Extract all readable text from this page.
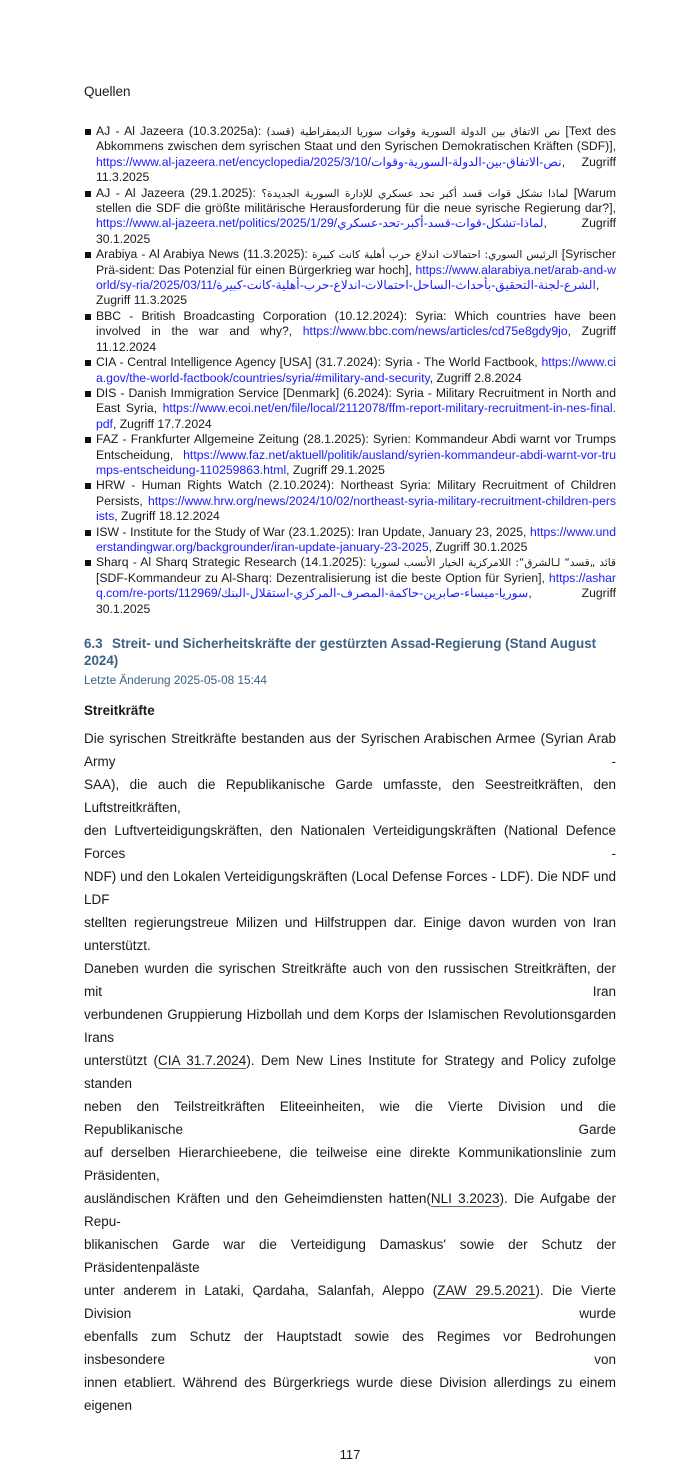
Quellen
AJ - Al Jazeera (10.3.2025a): نص الاتفاق بين الدولة السورية وقوات سوريا الديمقراطية (قسد) [Text des Abkommens zwischen dem syrischen Staat und den Syrischen Demokratischen Kräften (SDF)], https://www.al-jazeera.net/encyclopedia/2025/3/10/نص-الاتفاق-بين-الدولة-السورية-وقوات, Zugriff 11.3.2025
AJ - Al Jazeera (29.1.2025): لماذا تشكل قوات قسد أكبر تحد عسكري للإدارة السورية الجديدة؟ [Warum stellen die SDF die größte militärische Herausforderung für die neue syrische Regierung dar?], https://www.al-jazeera.net/politics/2025/1/29/لماذا-تشكل-قوات-قسد-أكبر-تحد-عسكري, Zugriff 30.1.2025
Arabiya - Al Arabiya News (11.3.2025): الرئيس السوري: احتمالات اندلاع حرب أهلية كانت كبيرة [Syrischer Prä-sident: Das Potenzial für einen Bürgerkrieg war hoch], https://www.alarabiya.net/arab-and-world/sy-ria/2025/03/11/الشرع-لجنة-التحقيق-بأحداث-الساحل-احتمالات-اندلاع-حرب-أهلية-كانت-كبيرة, Zugriff 11.3.2025
BBC - British Broadcasting Corporation (10.12.2024): Syria: Which countries have been involved in the war and why?, https://www.bbc.com/news/articles/cd75e8gdy9jo, Zugriff 11.12.2024
CIA - Central Intelligence Agency [USA] (31.7.2024): Syria - The World Factbook, https://www.cia.gov/the-world-factbook/countries/syria/#military-and-security, Zugriff 2.8.2024
DIS - Danish Immigration Service [Denmark] (6.2024): Syria - Military Recruitment in North and East Syria, https://www.ecoi.net/en/file/local/2112078/ffm-report-military-recruitment-in-nes-final.pdf, Zugriff 17.7.2024
FAZ - Frankfurter Allgemeine Zeitung (28.1.2025): Syrien: Kommandeur Abdi warnt vor Trumps Entscheidung, https://www.faz.net/aktuell/politik/ausland/syrien-kommandeur-abdi-warnt-vor-trumps-entscheidung-110259863.html, Zugriff 29.1.2025
HRW - Human Rights Watch (2.10.2024): Northeast Syria: Military Recruitment of Children Persists, https://www.hrw.org/news/2024/10/02/northeast-syria-military-recruitment-children-persists, Zugriff 18.12.2024
ISW - Institute for the Study of War (23.1.2025): Iran Update, January 23, 2025, https://www.understandingwar.org/backgrounder/iran-update-january-23-2025, Zugriff 30.1.2025
Sharq - Al Sharq Strategic Research (14.1.2025): قائد „قسد“ لـالشرق“: اللامركزية الخيار الأنسب لسوريا [SDF-Kommandeur zu Al-Sharq: Dezentralisierung ist die beste Option für Syrien], https://asharq.com/re-ports/112969/سوريا-ميساء-صابرين-حاكمة-المصرف-المركزي-استقلال-البنك, Zugriff 30.1.2025
6.3 Streit- und Sicherheitskräfte der gestürzten Assad-Regierung (Stand August 2024)
Letzte Änderung 2025-05-08 15:44
Streitkräfte
Die syrischen Streitkräfte bestanden aus der Syrischen Arabischen Armee (Syrian Arab Army -
SAA), die auch die Republikanische Garde umfasste, den Seestreitkräften, den Luftstreitkräften,
den Luftverteidigungskräften, den Nationalen Verteidigungskräften (National Defence Forces -
NDF) und den Lokalen Verteidigungskräften (Local Defense Forces - LDF). Die NDF und LDF
stellten regierungstreue Milizen und Hilfstruppen dar. Einige davon wurden von Iran unterstützt.
Daneben wurden die syrischen Streitkräfte auch von den russischen Streitkräften, der mit Iran
verbundenen Gruppierung Hizbollah und dem Korps der Islamischen Revolutionsgarden Irans
unterstützt (CIA 31.7.2024). Dem New Lines Institute for Strategy and Policy zufolge standen
neben den Teilstreitkräften Eliteeinheiten, wie die Vierte Division und die Republikanische Garde
auf derselben Hierarchieebene, die teilweise eine direkte Kommunikationslinie zum Präsidenten,
ausländischen Kräften und den Geheimdiensten hatten(NLI 3.2023). Die Aufgabe der Repu-
blikanischen Garde war die Verteidigung Damaskus' sowie der Schutz der Präsidentenpaläste
unter anderem in Lataki, Qardaha, Salanfah, Aleppo (ZAW 29.5.2021). Die Vierte Division wurde
ebenfalls zum Schutz der Hauptstadt sowie des Regimes vor Bedrohungen insbesondere von
innen etabliert. Während des Bürgerkriegs wurde diese Division allerdings zu einem eigenen
117
